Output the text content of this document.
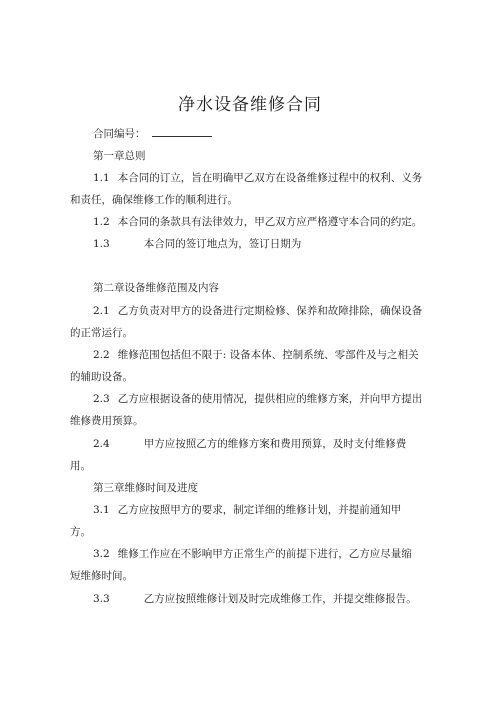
净水设备维修合同
合同编号：
第一章总则
1.1 本合同的订立，旨在明确甲乙双方在设备维修过程中的权利、义务
和责任，确保维修工作的顺利进行。
1.2 本合同的条款具有法律效力，甲乙双方应严格遵守本合同的约定。
1.3	本合同的签订地点为，签订日期为
第二章设备维修范围及内容
2.1 乙方负责对甲方的设备进行定期检修、保养和故障排除，确保设备
的正常运行。
2.2 维修范围包括但不限于: 设备本体、控制系统、零部件及与之相关
的辅助设备。
2.3 乙方应根据设备的使用情况，提供相应的维修方案，并向甲方提出
维修费用预算。
2.4	甲方应按照乙方的维修方案和费用预算，及时支付维修费
用。
第三章维修时间及进度
3.1 乙方应按照甲方的要求，制定详细的维修计划，并提前通知甲
方。
3.2 维修工作应在不影响甲方正常生产的前提下进行，乙方应尽量缩
短维修时间。
3.3	乙方应按照维修计划及时完成维修工作，并提交维修报告。
